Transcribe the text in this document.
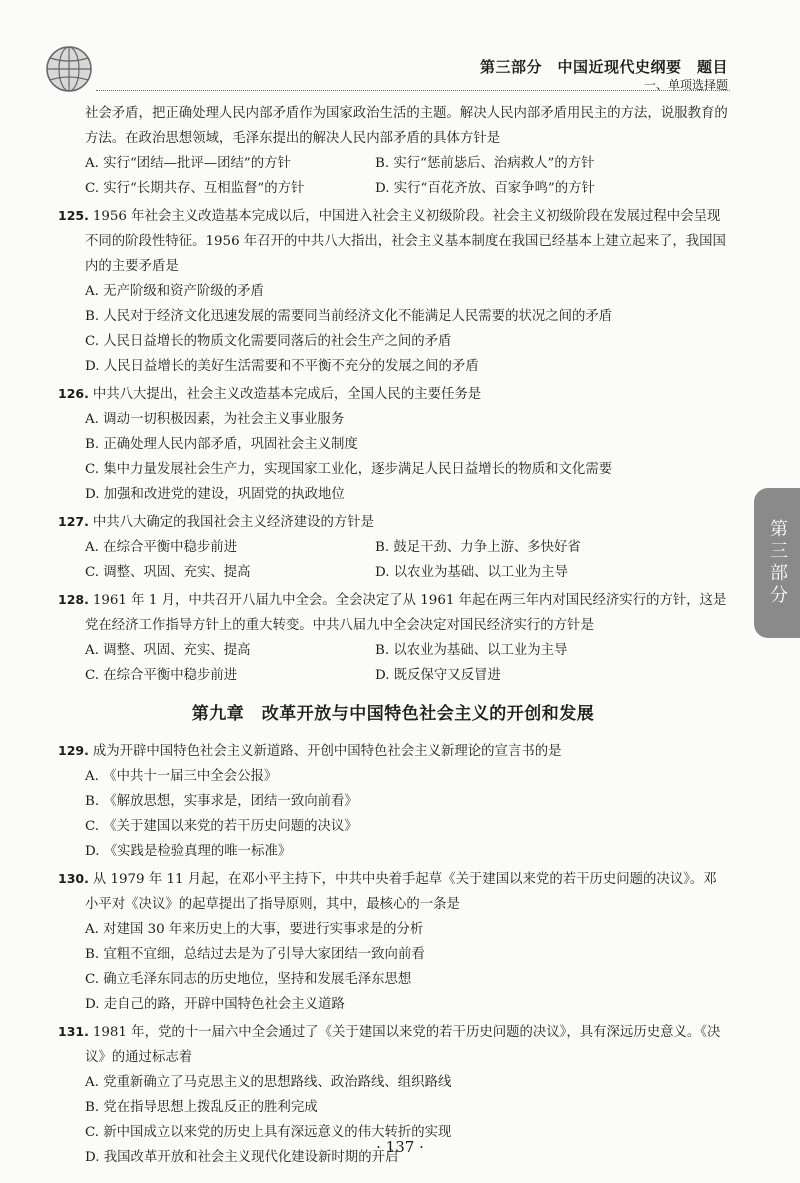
第三部分　中国近现代史纲要　题目
一、单项选择题
第三部分

社会矛盾，把正确处理人民内部矛盾作为国家政治生活的主题。解决人民内部矛盾用民主的方法，说服教育的方法。在政治思想领域，毛泽东提出的解决人民内部矛盾的具体方针是

A. 实行“团结—批评—团结”的方针	B. 实行“惩前毖后、治病救人”的方针
C. 实行“长期共存、互相监督”的方针	D. 实行“百花齐放、百家争鸣”的方针

125. 1956 年社会主义改造基本完成以后，中国进入社会主义初级阶段。社会主义初级阶段在发展过程中会呈现不同的阶段性特征。1956 年召开的中共八大指出，社会主义基本制度在我国已经基本上建立起来了，我国国内的主要矛盾是

A. 无产阶级和资产阶级的矛盾
B. 人民对于经济文化迅速发展的需要同当前经济文化不能满足人民需要的状况之间的矛盾
C. 人民日益增长的物质文化需要同落后的社会生产之间的矛盾
D. 人民日益增长的美好生活需要和不平衡不充分的发展之间的矛盾

126. 中共八大提出，社会主义改造基本完成后，全国人民的主要任务是

A. 调动一切积极因素，为社会主义事业服务
B. 正确处理人民内部矛盾，巩固社会主义制度
C. 集中力量发展社会生产力，实现国家工业化，逐步满足人民日益增长的物质和文化需要
D. 加强和改进党的建设，巩固党的执政地位

127. 中共八大确定的我国社会主义经济建设的方针是

A. 在综合平衡中稳步前进	B. 鼓足干劲、力争上游、多快好省
C. 调整、巩固、充实、提高	D. 以农业为基础、以工业为主导

128. 1961 年 1 月，中共召开八届九中全会。全会决定了从 1961 年起在两三年内对国民经济实行的方针，这是党在经济工作指导方针上的重大转变。中共八届九中全会决定对国民经济实行的方针是

A. 调整、巩固、充实、提高	B. 以农业为基础、以工业为主导
C. 在综合平衡中稳步前进	D. 既反保守又反冒进
第九章　改革开放与中国特色社会主义的开创和发展

129. 成为开辟中国特色社会主义新道路、开创中国特色社会主义新理论的宣言书的是

A. 《中共十一届三中全会公报》
B. 《解放思想，实事求是，团结一致向前看》
C. 《关于建国以来党的若干历史问题的决议》
D. 《实践是检验真理的唯一标准》

130. 从 1979 年 11 月起，在邓小平主持下，中共中央着手起草《关于建国以来党的若干历史问题的决议》。邓小平对《决议》的起草提出了指导原则，其中，最核心的一条是

A. 对建国 30 年来历史上的大事，要进行实事求是的分析
B. 宜粗不宜细，总结过去是为了引导大家团结一致向前看
C. 确立毛泽东同志的历史地位，坚持和发展毛泽东思想
D. 走自己的路，开辟中国特色社会主义道路

131. 1981 年，党的十一届六中全会通过了《关于建国以来党的若干历史问题的决议》，具有深远历史意义。《决议》的通过标志着

A. 党重新确立了马克思主义的思想路线、政治路线、组织路线
B. 党在指导思想上拨乱反正的胜利完成
C. 新中国成立以来党的历史上具有深远意义的伟大转折的实现
D. 我国改革开放和社会主义现代化建设新时期的开启
· 137 ·
